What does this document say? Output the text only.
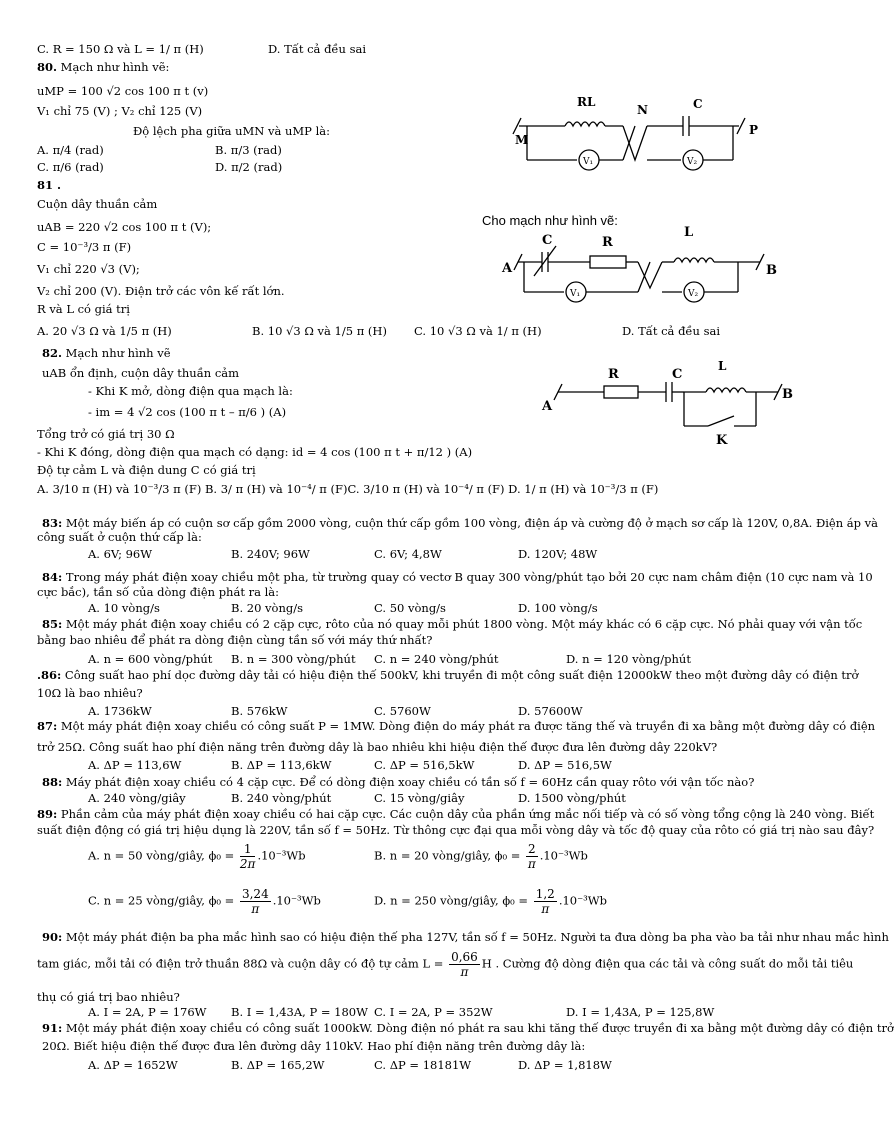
C. R = 150 Ω và L = 1/ π (H)	D. Tất cả đều sai
80. Mạch như hình vẽ:
uMP = 100 √2 cos 100 π t (v)
V₁ chỉ 75 (V) ; V₂ chỉ 125 (V)
Độ lệch pha giữa uMN và uMP là:
A. π/4 (rad)	B. π/3 (rad)
C. π/6 (rad)	D. π/2 (rad)
RL
N	C
M
P
V₁	V₂
81 .
Cuộn dây thuần cảm
uAB = 220 √2 cos 100 π t (V);
C = 10⁻³/3 π (F)
V₁ chỉ 220 √3 (V);
V₂ chỉ 200 (V). Điện trở các vôn kế rất lớn.
R và L có giá trị
Cho mạch như hình vẽ:
C	R
L
A	B
V₁	V₂
A. 20 √3 Ω và 1/5 π (H)	B. 10 √3 Ω và 1/5 π (H) C. 10 √3 Ω và 1/ π (H)	D. Tất cả đều sai
82. Mạch như hình vẽ
uAB ổn định, cuộn dây thuần cảm
- Khi K mở, dòng điện qua mạch là:
- im = 4 √2 cos (100 π t – π/6 ) (A)
Tổng trở có giá trị 30 Ω
- Khi K đóng, dòng điện qua mạch có dạng: id = 4 cos (100 π t + π/12 ) (A)
Độ tự cảm L và điện dung C có giá trị
R	C
L
A
B
K
A. 3/10 π (H) và 10⁻³/3 π (F) B. 3/ π (H) và 10⁻⁴/ π (F)C. 3/10 π (H) và 10⁻⁴/ π (F) D. 1/ π (H) và 10⁻³/3 π (F)
83: Một máy biến áp có cuộn sơ cấp gồm 2000 vòng, cuộn thứ cấp gồm 100 vòng, điện áp và cường độ ở mạch sơ cấp là 120V, 0,8A. Điện áp và
công suất ở cuộn thứ cấp là:
A. 6V; 96W	B. 240V; 96W	C. 6V; 4,8W	D. 120V; 48W
84: Trong máy phát điện xoay chiều một pha, từ trường quay có vectơ B quay 300 vòng/phút tạo bởi 20 cực nam châm điện (10 cực nam và 10
cực bắc), tần số của dòng điện phát ra là:
A. 10 vòng/s	B. 20 vòng/s	C. 50 vòng/s	D. 100 vòng/s
85: Một máy phát điện xoay chiều có 2 cặp cực, rôto của nó quay mỗi phút 1800 vòng. Một máy khác có 6 cặp cực. Nó phải quay với vận tốc
bằng bao nhiêu để phát ra dòng điện cùng tần số với máy thứ nhất?
A. n = 600 vòng/phút B. n = 300 vòng/phút C. n = 240 vòng/phút	D. n = 120 vòng/phút
.86: Công suất hao phí dọc đường dây tải có hiệu điện thế 500kV, khi truyền đi một công suất điện 12000kW theo một đường dây có điện trở
10Ω là bao nhiêu?
A. 1736kW	B. 576kW	C. 5760W	D. 57600W
87: Một máy phát điện xoay chiều có công suất P = 1MW. Dòng điện do máy phát ra được tăng thế và truyền đi xa bằng một đường dây có điện
trở 25Ω. Công suất hao phí điện năng trên đường dây là bao nhiêu khi hiệu điện thế được đưa lên đường dây 220kV?
A. ΔP = 113,6W	B. ΔP = 113,6kW	C. ΔP = 516,5kW	D. ΔP = 516,5W
88: Máy phát điện xoay chiều có 4 cặp cực. Để có dòng điện xoay chiều có tần số f = 60Hz cần quay rôto với vận tốc nào?
A. 240 vòng/giây	B. 240 vòng/phút	C. 15 vòng/giây	D. 1500 vòng/phút
89: Phần cảm của máy phát điện xoay chiều có hai cặp cực. Các cuộn dây của phần ứng mắc nối tiếp và có số vòng tổng cộng là 240 vòng. Biết
suất điện động có giá trị hiệu dụng là 220V, tần số f = 50Hz. Từ thông cực đại qua mỗi vòng dây và tốc độ quay của rôto có giá trị nào sau đây?
A. n = 50 vòng/giây, $\phi_0 = \frac{1}{2\pi} .10^{-3}Wb$	B. n = 20 vòng/giây, $\phi_0 = \frac{2}{\pi} .10^{-3}Wb$
C. n = 25 vòng/giây, $\phi_0 = \frac{3,24}{\pi} .10^{-3}Wb$	D. n = 250 vòng/giây, $\phi_0 = \frac{1,2}{\pi} .10^{-3}Wb$
90: Một máy phát điện ba pha mắc hình sao có hiệu điện thế pha 127V, tần số f = 50Hz. Người ta đưa dòng ba pha vào ba tải như nhau mắc hình
tam giác, mỗi tải có điện trở thuần 88Ω và cuộn dây có độ tự cảm $L = \frac{0,66}{\pi}$ H . Cường độ dòng điện qua các tải và công suất do mỗi tải tiêu
thụ có giá trị bao nhiêu?
A. I = 2A, P = 176W B. I = 1,43A, P = 180W C. I = 2A, P = 352W	D. I = 1,43A, P = 125,8W
91: Một máy phát điện xoay chiều có công suất 1000kW. Dòng điện nó phát ra sau khi tăng thế được truyền đi xa bằng một đường dây có điện trở
20Ω. Biết hiệu điện thế được đưa lên đường dây 110kV. Hao phí điện năng trên đường dây là:
A. ΔP = 1652W	B. ΔP = 165,2W	C. ΔP = 18181W	D. ΔP = 1,818W
